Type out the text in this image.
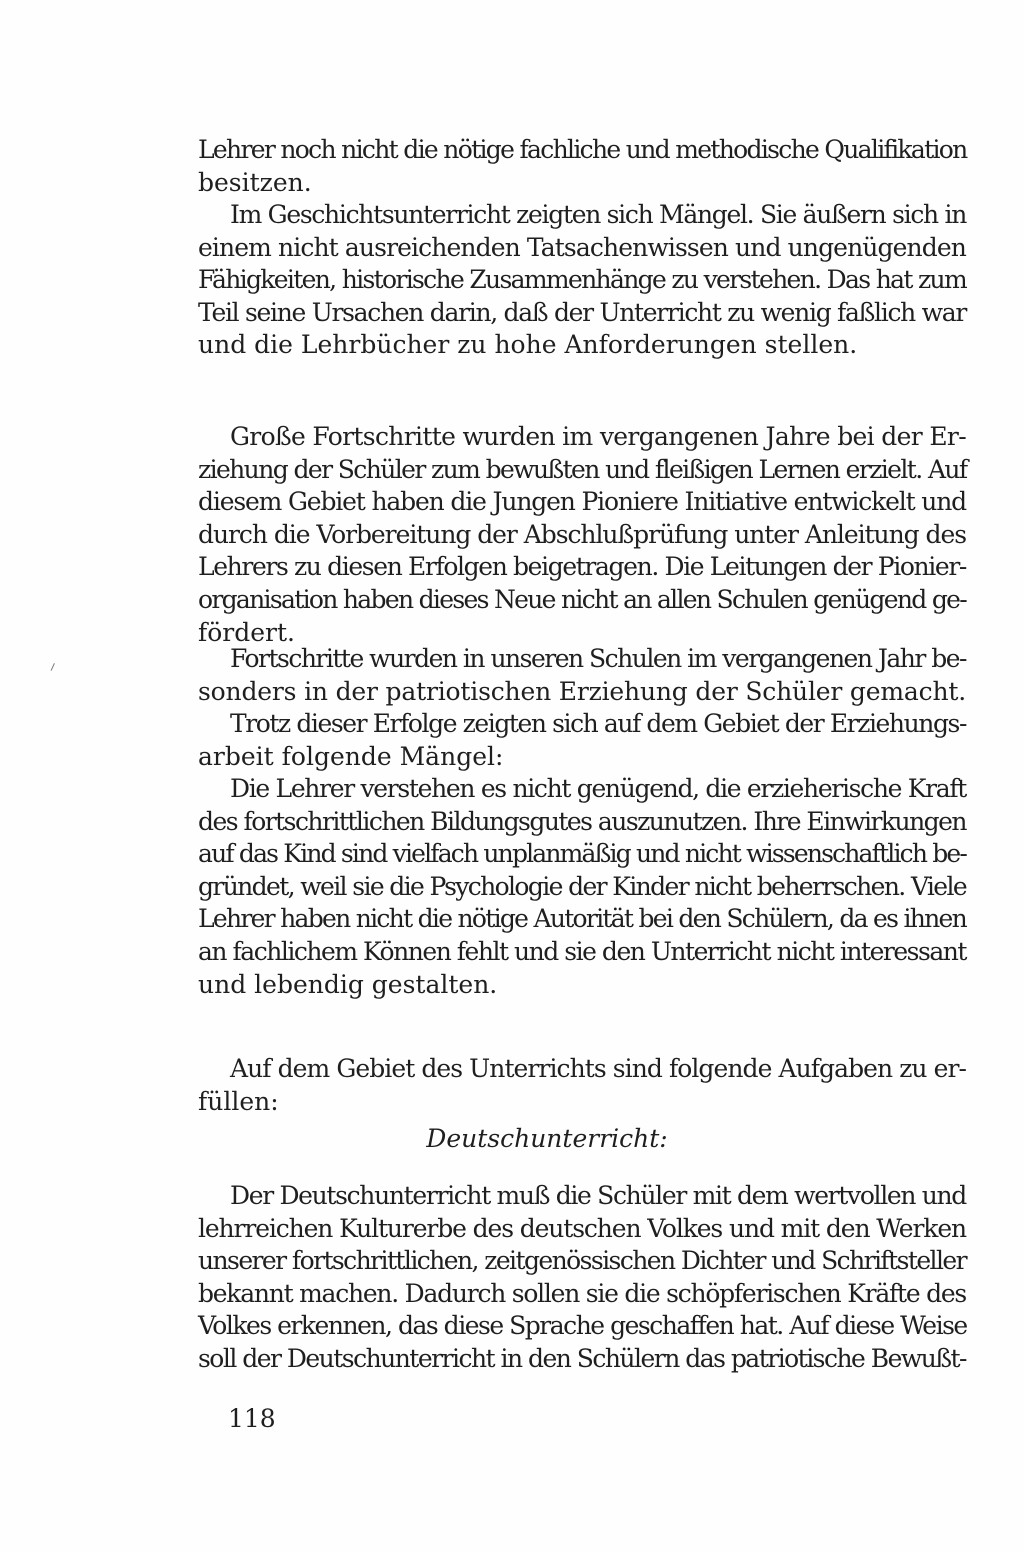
Lehrer noch nicht die nötige fachliche und methodische Qualifikation
besitzen.
Im Geschichtsunterricht zeigten sich Mängel. Sie äußern sich in
einem nicht ausreichenden Tatsachenwissen und ungenügenden
Fähigkeiten, historische Zusammenhänge zu verstehen. Das hat zum
Teil seine Ursachen darin, daß der Unterricht zu wenig faßlich war
und die Lehrbücher zu hohe Anforderungen stellen.
Große Fortschritte wurden im vergangenen Jahre bei der Er-
ziehung der Schüler zum bewußten und fleißigen Lernen erzielt. Auf
diesem Gebiet haben die Jungen Pioniere Initiative entwickelt und
durch die Vorbereitung der Abschlußprüfung unter Anleitung des
Lehrers zu diesen Erfolgen beigetragen. Die Leitungen der Pionier-
organisation haben dieses Neue nicht an allen Schulen genügend ge-
fördert.
Fortschritte wurden in unseren Schulen im vergangenen Jahr be-
sonders in der patriotischen Erziehung der Schüler gemacht.
Trotz dieser Erfolge zeigten sich auf dem Gebiet der Erziehungs-
arbeit folgende Mängel:
Die Lehrer verstehen es nicht genügend, die erzieherische Kraft
des fortschrittlichen Bildungsgutes auszunutzen. Ihre Einwirkungen
auf das Kind sind vielfach unplanmäßig und nicht wissenschaftlich be-
gründet, weil sie die Psychologie der Kinder nicht beherrschen. Viele
Lehrer haben nicht die nötige Autorität bei den Schülern, da es ihnen
an fachlichem Können fehlt und sie den Unterricht nicht interessant
und lebendig gestalten.
Auf dem Gebiet des Unterrichts sind folgende Aufgaben zu er-
füllen:

Deutschunterricht:

Der Deutschunterricht muß die Schüler mit dem wertvollen und
lehrreichen Kulturerbe des deutschen Volkes und mit den Werken
unserer fortschrittlichen, zeitgenössischen Dichter und Schriftsteller
bekannt machen. Dadurch sollen sie die schöpferischen Kräfte des
Volkes erkennen, das diese Sprache geschaffen hat. Auf diese Weise
soll der Deutschunterricht in den Schülern das patriotische Bewußt-

118
